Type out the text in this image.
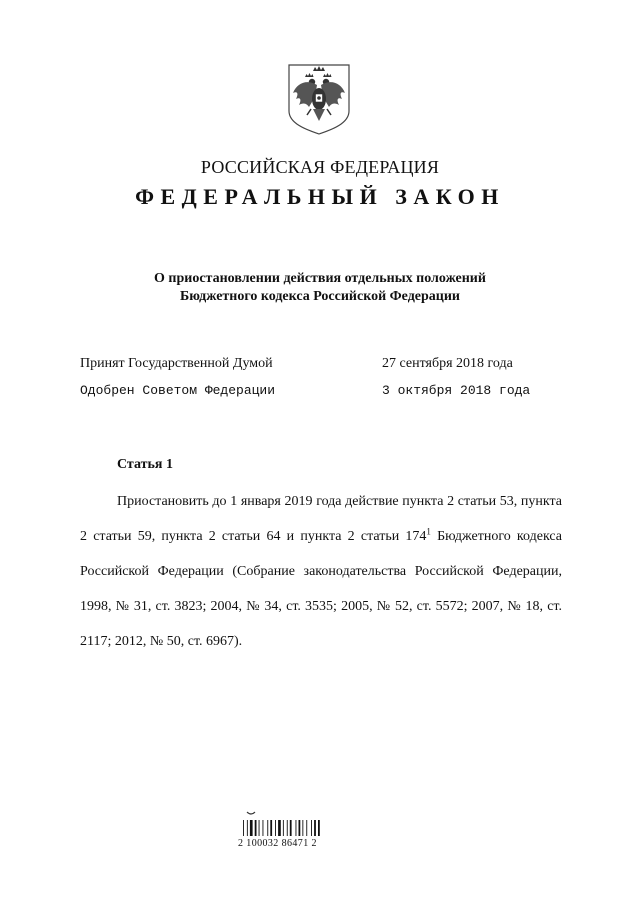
РОССИЙСКАЯ ФЕДЕРАЦИЯ
ФЕДЕРАЛЬНЫЙ ЗАКОН
О приостановлении действия отдельных положений
Бюджетного кодекса Российской Федерации
Принят Государственной Думой	27 сентября 2018 года
Одобрен Советом Федерации	3 октября 2018 года
Статья 1
Приостановить до 1 января 2019 года действие пункта 2 статьи 53, пункта 2 статьи 59, пункта 2 статьи 64 и пункта 2 статьи $174^1$ Бюджетного кодекса Российской Федерации (Собрание законодательства Российской Федерации, 1998, № 31, ст. 3823; 2004, № 34, ст. 3535; 2005, № 52, ст. 5572; 2007, № 18, ст. 2117; 2012, № 50, ст. 6967).
2 100032 86471 2
